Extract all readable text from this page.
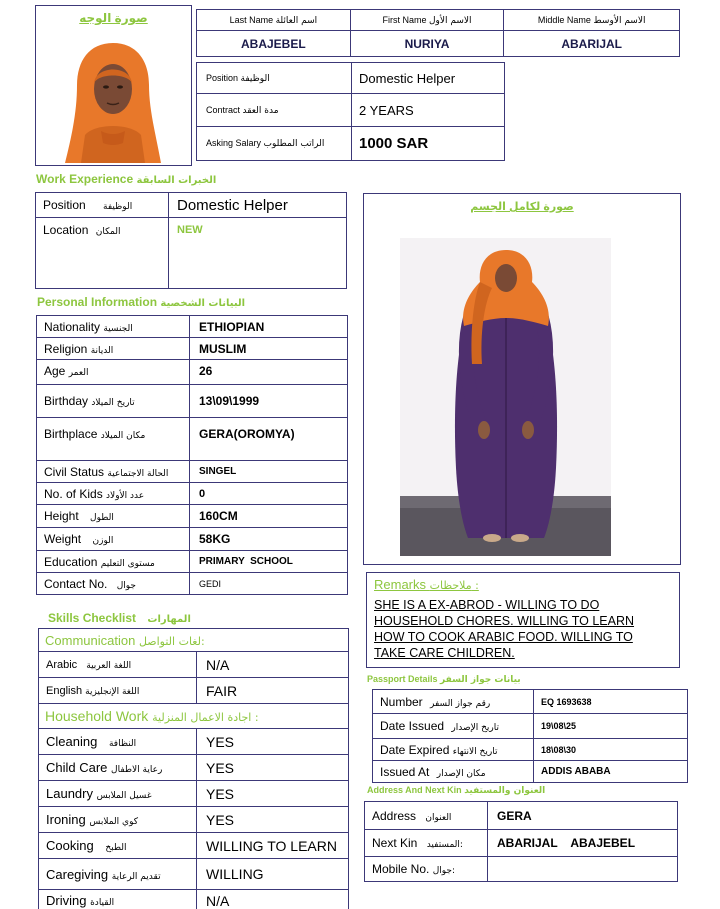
صورة الوجه	Last Name اسم العائلة	First Name الاسم الأول	Middle Name الاسم الأوسط
ABAJEBEL	NURIYA	ABARIJAL
Position الوظيفة	Domestic Helper
Contract مدة العقد	2 YEARS
Asking Salary الراتب المطلوب	1000 SAR
Work Experience الخبرات السابقة
Position الوظيفة	Domestic Helper
Location المكان	NEW
Personal Information البيانات الشخصية
Nationality الجنسية	ETHIOPIAN
Religion الديانة	MUSLIM
Age العمر	26
Birthday تاريخ الميلاد	13\09\1999
Birthplace مكان الميلاد	GERA(OROMYA)
Civil Status الحالة الاجتماعية	SINGEL
No. of Kids عدد الأولاد	0
Height الطول	160CM
Weight الوزن	58KG
Education مستوى التعليم	PRIMARY  SCHOOL
Contact No. جوال	GEDI
Skills Checklist المهارات
Communication لغات التواصل:	
Arabic اللغة العربية	N/A
English اللغة الإنجليزية	FAIR
Household Work اجادة الاعمال المنزلية :	
Cleaning النظافة	YES
Child Care رعاية الاطفال	YES
Laundry غسيل الملابس	YES
Ironing كوي الملابس	YES
Cooking الطبخ	WILLING TO LEARN
Caregiving تقديم الرعاية	WILLING
Driving القيادة	N/A
صورة لكامل الجسم
Remarks ملاحظات :
SHE IS A EX-ABROD - WILLING TO DO
HOUSEHOLD CHORES. WILLING TO LEARN
HOW TO COOK ARABIC FOOD. WILLING TO
TAKE CARE CHILDREN.
Passport Details بيانات جواز السفر
Number رقم جواز السفر	EQ 1693638
Date Issued تاريخ الإصدار	19\08\25
Date Expired تاريخ الانتهاء	18\08\30
Issued At مكان الإصدار	ADDIS ABABA
Address And Next Kin العنوان والمستفيد
Address العنوان	GERA
Next Kin المستفيد:	ABARIJAL    ABAJEBEL
Mobile No. جوال:	
